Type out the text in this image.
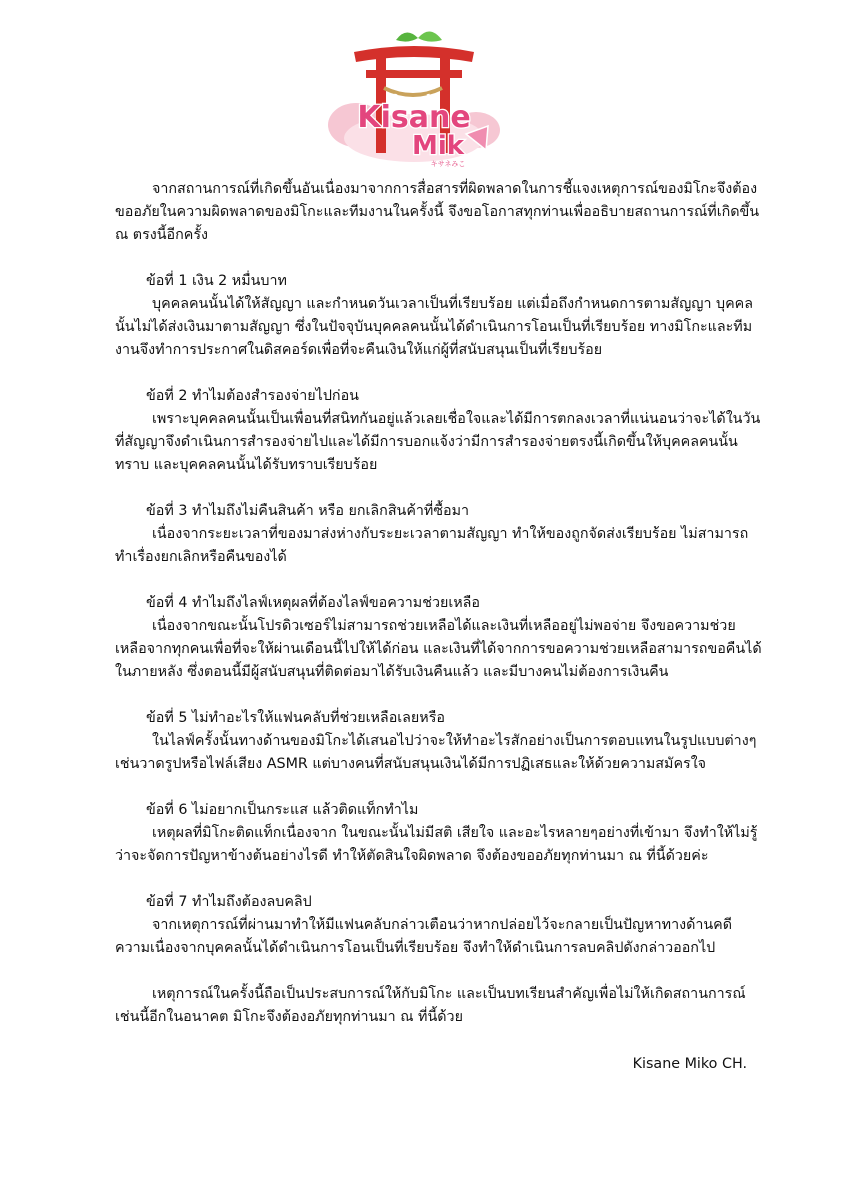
Kisane
Mik
キサネみこ

จากสถานการณ์ที่เกิดขึ้นอันเนื่องมาจากการสื่อสารที่ผิดพลาดในการชี้แจงเหตุการณ์ของมิโกะจึงต้องขออภัยในความผิดพลาดของมิโกะและทีมงานในครั้งนี้ จึงขอโอกาสทุกท่านเพื่ออธิบายสถานการณ์ที่เกิดขึ้น ณ ตรงนี้อีกครั้ง

ข้อที่ 1 เงิน 2 หมื่นบาท

บุคคลคนนั้นได้ให้สัญญา และกำหนดวันเวลาเป็นที่เรียบร้อย แต่เมื่อถึงกำหนดการตามสัญญา บุคคลนั้นไม่ได้ส่งเงินมาตามสัญญา ซึ่งในปัจจุบันบุคคลคนนั้นได้ดำเนินการโอนเป็นที่เรียบร้อย ทางมิโกะและทีมงานจึงทำการประกาศในดิสคอร์ดเพื่อที่จะคืนเงินให้แก่ผู้ที่สนับสนุนเป็นที่เรียบร้อย

ข้อที่ 2 ทำไมต้องสำรองจ่ายไปก่อน

เพราะบุคคลคนนั้นเป็นเพื่อนที่สนิทกันอยู่แล้วเลยเชื่อใจและได้มีการตกลงเวลาที่แน่นอนว่าจะได้ในวันที่สัญญาจึงดำเนินการสำรองจ่ายไปและได้มีการบอกแจ้งว่ามีการสำรองจ่ายตรงนี้เกิดขึ้นให้บุคคลคนนั้นทราบ และบุคคลคนนั้นได้รับทราบเรียบร้อย

ข้อที่ 3 ทำไมถึงไม่คืนสินค้า หรือ ยกเลิกสินค้าที่ซื้อมา

เนื่องจากระยะเวลาที่ของมาส่งห่างกับระยะเวลาตามสัญญา ทำให้ของถูกจัดส่งเรียบร้อย ไม่สามารถทำเรื่องยกเลิกหรือคืนของได้

ข้อที่ 4 ทำไมถึงไลฟ์เหตุผลที่ต้องไลฟ์ขอความช่วยเหลือ

เนื่องจากขณะนั้นโปรดิวเซอร์ไม่สามารถช่วยเหลือได้และเงินที่เหลืออยู่ไม่พอจ่าย จึงขอความช่วยเหลือจากทุกคนเพื่อที่จะให้ผ่านเดือนนี้ไปให้ได้ก่อน และเงินที่ได้จากการขอความช่วยเหลือสามารถขอคืนได้ในภายหลัง ซึ่งตอนนี้มีผู้สนับสนุนที่ติดต่อมาได้รับเงินคืนแล้ว และมีบางคนไม่ต้องการเงินคืน

ข้อที่ 5 ไม่ทำอะไรให้แฟนคลับที่ช่วยเหลือเลยหรือ

ในไลฟ์ครั้งนั้นทางด้านของมิโกะได้เสนอไปว่าจะให้ทำอะไรสักอย่างเป็นการตอบแทนในรูปแบบต่างๆเช่นวาดรูปหรือไฟล์เสียง ASMR แต่บางคนที่สนับสนุนเงินได้มีการปฏิเสธและให้ด้วยความสมัครใจ

ข้อที่ 6 ไม่อยากเป็นกระแส แล้วติดแท็กทำไม

เหตุผลที่มิโกะติดแท็กเนื่องจาก ในขณะนั้นไม่มีสติ เสียใจ และอะไรหลายๆอย่างที่เข้ามา จึงทำให้ไม่รู้ว่าจะจัดการปัญหาข้างต้นอย่างไรดี ทำให้ตัดสินใจผิดพลาด จึงต้องขออภัยทุกท่านมา ณ ที่นี้ด้วยค่ะ

ข้อที่ 7 ทำไมถึงต้องลบคลิป

จากเหตุการณ์ที่ผ่านมาทำให้มีแฟนคลับกล่าวเตือนว่าหากปล่อยไว้จะกลายเป็นปัญหาทางด้านคดีความเนื่องจากบุคคลนั้นได้ดำเนินการโอนเป็นที่เรียบร้อย จึงทำให้ดำเนินการลบคลิปดังกล่าวออกไป

เหตุการณ์ในครั้งนี้ถือเป็นประสบการณ์ให้กับมิโกะ และเป็นบทเรียนสำคัญเพื่อไม่ให้เกิดสถานการณ์เช่นนี้อีกในอนาคต มิโกะจึงต้องอภัยทุกท่านมา ณ ที่นี้ด้วย

Kisane Miko CH.
